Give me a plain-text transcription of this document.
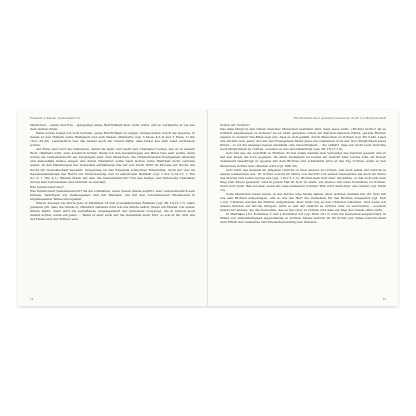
Einander schätzen: Gemeindezucht

Menschen – Adam und Eva – spiegelten seine Herrlichkeit aber nicht wider und so verbannte er sie aus dem Garten Eden.

Dann wurde Israel von Gott berufen, seine Herrlichkeit zu zeigen, insbesondere durch die Gesetze, in denen er den Völkern seine Heiligkeit und sein Wesen offenbarte (vgl. 5 Mose 4,5–8 und 3 Mose 11,44; 19,2; 20,26). Letztendlich war das Gesetz auch der Grund dafür, dass Israel aus dem Land vertrieben wurde.

Am Ende sind Gott die Gemeinde, damit sie mehr und mehr den Charakter Gottes, wie er in seinem Wort offenbart wird, zum Ausdruck bringt. Wenn ich den Gesamtbogen der Bibel trau sein wollte, dann würde die Gemeindezucht ein Vergnügen sein. Den Menschen, die rückkehrenden Evangelium lebendig und keinesfalls lieblos zeigen und deren Charakter sollte nach Gottes reine Wahrheit nicht verloren gehen. In den Handlungen der Gemeinde enthaltenen Die Art von Zucht führt im Prozess zur Zucht, die Zucht für Gemeinschaft bewahrt. Vergebung ist das Ergebnis schlechter Erkenntnis, nicht nur der im Gewissensmaßstab des Herrn zur Unterweisung und zu selbstlosen Reinheit (vgl. 1 Kor 5,14–17; 1 Tim 4,1–5; 1 Tim 4,1). Warum übten wir also die Gemeindezucht? Um das heilige und liebevolle Charakter Gottes klar herzustellen und sichtbar zu machen.

Wie funktioniert das?

Wie funktioniert Gemeindezucht? Da die Umstände, unter denen Sünde auftritt, sehr unterschiedlich sein können, benötigen wir Geistesgaben und viel Weisheit, um mit den verschiedenen Situationen in angemessener Weise umzugehen.

Hierzu stecken die Worte Jesu in Matthäus 18 den grundsätzlichen Rahmen (vgl. Mt 18,15–17). Ganz generell gilt, dass die Sünde so öffentlich bekannt wird wie die Sünde selbst. Wenn ein Sünder von seiner Sünde bleibt, dann wird die betreffende Angelegenheit der Gemeinde vorgelegt, die in Person auch darauf achtet, wenn ein Jesus ... Wenn er aber auch auf die Gemeinde nicht hört, so soll er für dich wie der Heide und der Zöllner sein.

12
Ein Merkmal einer gesunden Gemeinde: Sicht von Mitgliedschaft
Sollen wir richten?

Das alles klingt in den Ohren mancher Menschen bestimmt hart. Sagt Jesus nicht: »Richtet nicht«? Ist es wirklich angemessen zu richten? Ist es nicht geradezu schon ein Zeichen falschen Eifers, gerade Richter spielen zu wollen? Die Bibel sagt uns, dass es Gott gefällt, durch Menschen zu richten (vgl. Mt 5,48). Lasst uns ehrlich sein, jeder, der mit den Evangelium findet Jesus die Gemeinde doch auf. Ihre Möglichkeit Jesus findet – so ist die Aussage besser ebenfalls »die Gerechtigkeit ... die erklärt, dass wir nicht auch Gerichte nach Möglichkeit zu richten, sondern es uns bevollmächtigt (vgl. Mt 18,17–18).

Gott hat uns die Autorität zu Richten. Er hat Adam damals zum Verwalter des Gartens gesetzt und er hat den Israel die Tora gegeben. Im Alten Testament ist beides ein Gericht über Gottes Volk, im Neuen Testament beauftragt er Apostel mit dem Richten und schließlich wird er den Tag richten, wenn er den Menschen richtet und offenbar wird (vgl. Offb 20).

Gott lehrt uns niemals im Jüngsten Gericht ob über andere zu richten, und Gott selbst übt Gericht in seinen Gemeinden aus. Er richtet sowohl im Sinne von Gericht von seinen Gemeinden als auch im Sinne des Wortes und Lehre Gottes aus (vgl. 1 Kor 5,1–5). Richtet man Gott über die Sünde, so hat Gott sich dem Weg zum Kreuz gewandt. Und in jedem Fall ist Gott zu stark, um ebenso mit einer Schwäche zu richten, denn Gott weiß. Was ist aber, wenn wir eine Gemeinde richten? Wer wird denn über uns richten (vgl. Hebr 12).

Viele Menschen leben heute, in der Kirche eine Sache haben, aber wohnen niemals mit ihr. Gott hat uns sein Richten aufgetragen, und so wie der Herr die Gemeinde für das Richten eingesetzt (vgl. Eph 1,22). Christen werden als Richter aufgetreten, aber nicht wie es den Christen zukommt. Und wenn wir unsere Sünden zur Kirche bringen, nicht so mit der Absicht zu richten oder zu verurteilen – sondern indem wir andere, die die Gemeinde, das zu tun sind, zu richten und dass ein Weg der Gnade offen steht.

In Matthäus 18,1 Korinther 5 und 2 Korinther 2,6 (vgl. Röm 16,17) wird die Gemeinde aufgefordert, in Fällen von Unbußfertigkeit eigenständig zu richten. Meine Gericht ist für nichts gut. Diese Gericht dient dem Erhalt der Gemeinde und Wiederherstellung des Sünders.

13
